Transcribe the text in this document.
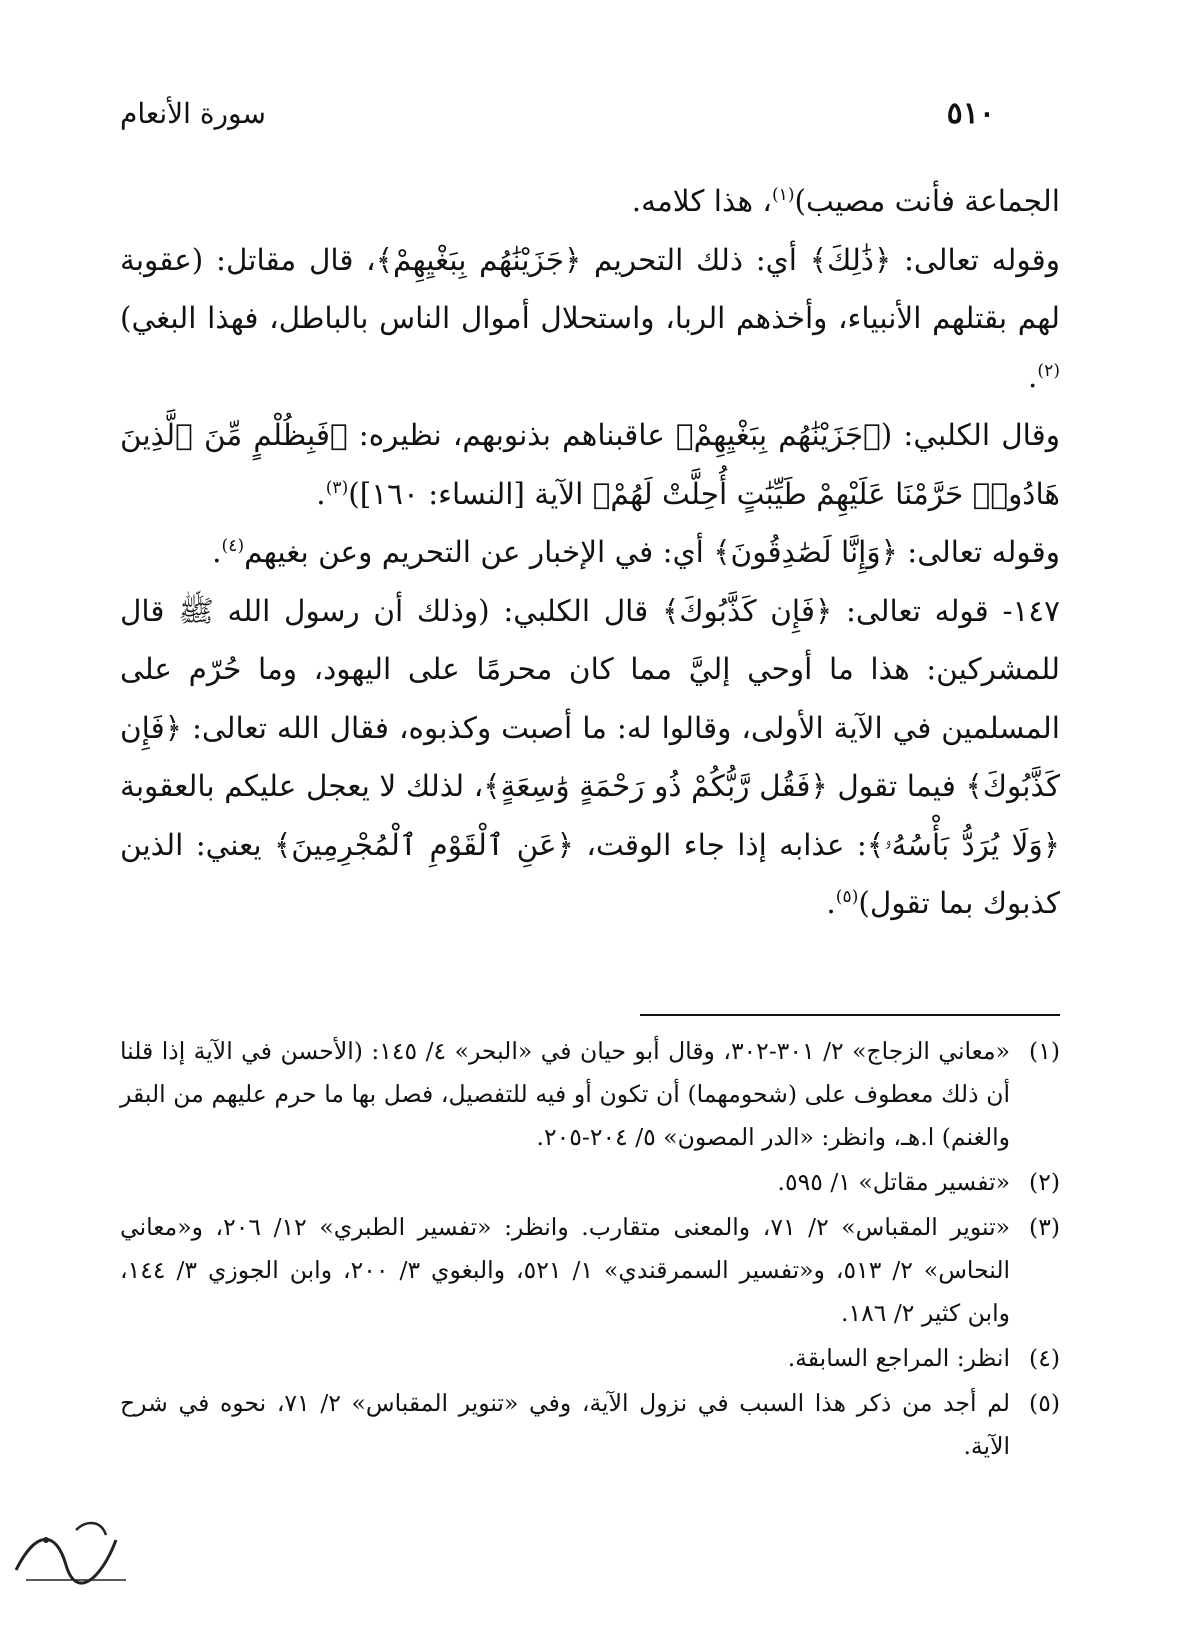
٥١٠
سورة الأنعام

الجماعة فأنت مصيب)$^{(١)}$، هذا كلامه.

وقوله تعالى: ﴿ذَٰلِكَ﴾ أي: ذلك التحريم ﴿جَزَيْنَٰهُم بِبَغْيِهِمْ﴾، قال مقاتل: (عقوبة لهم بقتلهم الأنبياء، وأخذهم الربا، واستحلال أموال الناس بالباطل، فهذا البغي)$^{(٢)}$.

وقال الكلبي: (﴿جَزَيْنَٰهُم بِبَغْيِهِمْ﴾ عاقبناهم بذنوبهم، نظيره: ﴿فَبِظُلْمٍ مِّنَ ٱلَّذِينَ هَادُوا۟ حَرَّمْنَا عَلَيْهِمْ طَيِّبَٰتٍ أُحِلَّتْ لَهُمْ﴾ الآية [النساء: ١٦٠])$^{(٣)}$.

وقوله تعالى: ﴿وَإِنَّا لَصَٰدِقُونَ﴾ أي: في الإخبار عن التحريم وعن بغيهم$^{(٤)}$.

١٤٧- قوله تعالى: ﴿فَإِن كَذَّبُوكَ﴾ قال الكلبي: (وذلك أن رسول الله ﷺ قال للمشركين: هذا ما أوحي إليَّ مما كان محرمًا على اليهود، وما حُرّم على المسلمين في الآية الأولى، وقالوا له: ما أصبت وكذبوه، فقال الله تعالى: ﴿فَإِن كَذَّبُوكَ﴾ فيما تقول ﴿فَقُل رَّبُّكُمْ ذُو رَحْمَةٍ وَٰسِعَةٍ﴾، لذلك لا يعجل عليكم بالعقوبة ﴿وَلَا يُرَدُّ بَأْسُهُۥ﴾: عذابه إذا جاء الوقت، ﴿عَنِ ٱلْقَوْمِ ٱلْمُجْرِمِينَ﴾ يعني: الذين كذبوك بما تقول)$^{(٥)}$.

(١)
«معاني الزجاج» ٢/ ٣٠١-٣٠٢، وقال أبو حيان في «البحر» ٤/ ١٤٥: (الأحسن في الآية إذا قلنا أن ذلك معطوف على (شحومهما) أن تكون أو فيه للتفصيل، فصل بها ما حرم عليهم من البقر والغنم) ا.هـ، وانظر: «الدر المصون» ٥/ ٢٠٤-٢٠٥.
(٢)
«تفسير مقاتل» ١/ ٥٩٥.
(٣)
«تنوير المقباس» ٢/ ٧١، والمعنى متقارب. وانظر: «تفسير الطبري» ١٢/ ٢٠٦، و«معاني النحاس» ٢/ ٥١٣، و«تفسير السمرقندي» ١/ ٥٢١، والبغوي ٣/ ٢٠٠، وابن الجوزي ٣/ ١٤٤، وابن كثير ٢/ ١٨٦.
(٤)
انظر: المراجع السابقة.
(٥)
لم أجد من ذكر هذا السبب في نزول الآية، وفي «تنوير المقباس» ٢/ ٧١، نحوه في شرح الآية.
